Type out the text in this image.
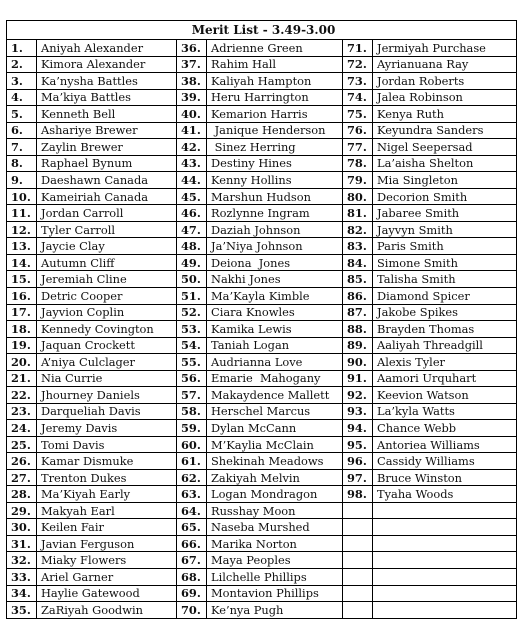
Merit List - 3.49-3.00					
1.	Aniyah Alexander	36.	Adrienne Green	71.	Jermiyah Purchase
2.	Kimora Alexander	37.	Rahim Hall	72.	Ayrianuana Ray
3.	Ka’nysha Battles	38.	Kaliyah Hampton	73.	Jordan Roberts
4.	Ma’kiya Battles	39.	Heru Harrington	74.	Jalea Robinson
5.	Kenneth Bell	40.	Kemarion Harris	75.	Kenya Ruth
6.	Ashariye Brewer	41.	Janique Henderson	76.	Keyundra Sanders
7.	Zaylin Brewer	42.	Sinez Herring	77.	Nigel Seepersad
8.	Raphael Bynum	43.	Destiny Hines	78.	La’aisha Shelton
9.	Daeshawn Canada	44.	Kenny Hollins	79.	Mia Singleton
10.	Kameiriah Canada	45.	Marshun Hudson	80.	Decorion Smith
11.	Jordan Carroll	46.	Rozlynne Ingram	81.	Jabaree Smith
12.	Tyler Carroll	47.	Daziah Johnson	82.	Jayvyn Smith
13.	Jaycie Clay	48.	Ja’Niya Johnson	83.	Paris Smith
14.	Autumn Cliff	49.	Deiona  Jones	84.	Simone Smith
15.	Jeremiah Cline	50.	Nakhi Jones	85.	Talisha Smith
16.	Detric Cooper	51.	Ma’Kayla Kimble	86.	Diamond Spicer
17.	Jayvion Coplin	52.	Ciara Knowles	87.	Jakobe Spikes
18.	Kennedy Covington	53.	Kamika Lewis	88.	Brayden Thomas
19.	Jaquan Crockett	54.	Taniah Logan	89.	Aaliyah Threadgill
20.	A’niya Culclager	55.	Audrianna Love	90.	Alexis Tyler
21.	Nia Currie	56.	Emarie  Mahogany	91.	Aamori Urquhart
22.	Jhourney Daniels	57.	Makaydence Mallett	92.	Keevion Watson
23.	Darqueliah Davis	58.	Herschel Marcus	93.	La’kyla Watts
24.	Jeremy Davis	59.	Dylan McCann	94.	Chance Webb
25.	Tomi Davis	60.	M’Kaylia McClain	95.	Antoriea Williams
26.	Kamar Dismuke	61.	Shekinah Meadows	96.	Cassidy Williams
27.	Trenton Dukes	62.	Zakiyah Melvin	97.	Bruce Winston
28.	Ma’Kiyah Early	63.	Logan Mondragon	98.	Tyaha Woods
29.	Makyah Earl	64.	Russhay Moon		
30.	Keilen Fair	65.	Naseba Murshed		
31.	Javian Ferguson	66.	Marika Norton		
32.	Miaky Flowers	67.	Maya Peoples		
33.	Ariel Garner	68.	Lilchelle Phillips		
34.	Haylie Gatewood	69.	Montavion Phillips		
35.	ZaRiyah Goodwin	70.	Ke’nya Pugh		
